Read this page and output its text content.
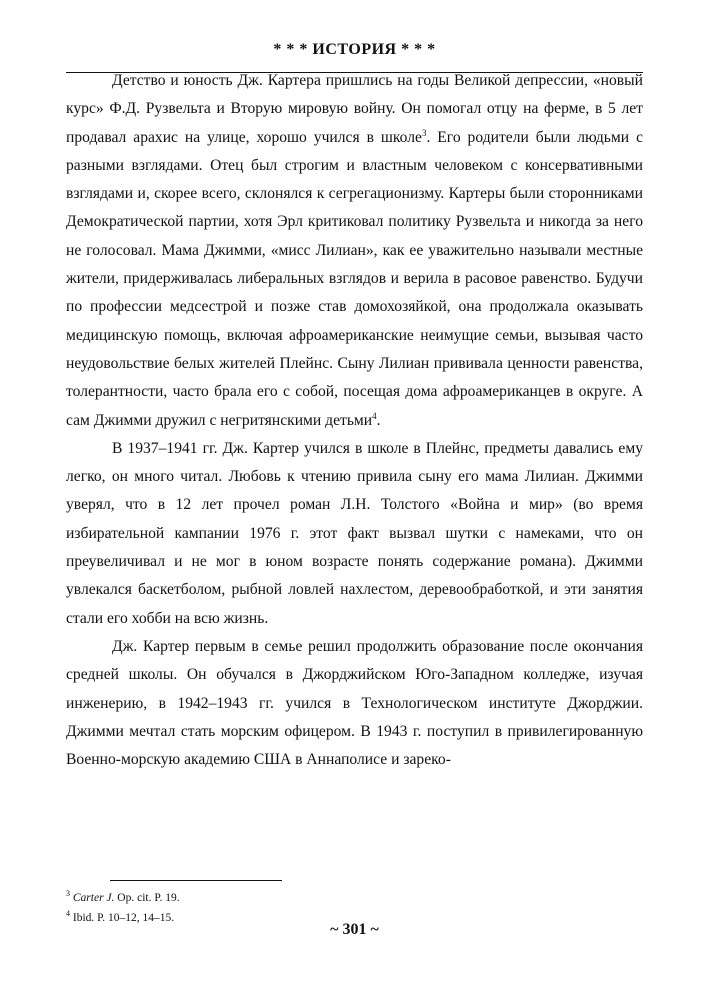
* * * ИСТОРИЯ * * *

Детство и юность Дж. Картера пришлись на годы Великой депрессии, «новый курс» Ф.Д. Рузвельта и Вторую мировую войну. Он помогал отцу на ферме, в 5 лет продавал арахис на улице, хорошо учился в школе$^3$. Его родители были людьми с разными взглядами. Отец был строгим и властным человеком с консервативными взглядами и, скорее всего, склонялся к сегрегационизму. Картеры были сторонниками Демократической партии, хотя Эрл критиковал политику Рузвельта и никогда за него не голосовал. Мама Джимми, «мисс Лилиан», как ее уважительно называли местные жители, придерживалась либеральных взглядов и верила в расовое равенство. Будучи по профессии медсестрой и позже став домохозяйкой, она продолжала оказывать медицинскую помощь, включая афроамериканские неимущие семьи, вызывая часто неудовольствие белых жителей Плейнс. Сыну Лилиан прививала ценности равенства, толерантности, часто брала его с собой, посещая дома афроамериканцев в округе. А сам Джимми дружил с негритянскими детьми$^4$.

В 1937–1941 гг. Дж. Картер учился в школе в Плейнс, предметы давались ему легко, он много читал. Любовь к чтению привила сыну его мама Лилиан. Джимми уверял, что в 12 лет прочел роман Л.Н. Толстого «Война и мир» (во время избирательной кампании 1976 г. этот факт вызвал шутки с намеками, что он преувеличивал и не мог в юном возрасте понять содержание романа). Джимми увлекался баскетболом, рыбной ловлей нахлестом, деревообработкой, и эти занятия стали его хобби на всю жизнь.

Дж. Картер первым в семье решил продолжить образование после окончания средней школы. Он обучался в Джорджийском Юго-Западном колледже, изучая инженерию, в 1942–1943 гг. учился в Технологическом институте Джорджии. Джимми мечтал стать морским офицером. В 1943 г. поступил в привилегированную Военно-морскую академию США в Аннаполисе и зареко-

$^3$ Carter J. Op. cit. P. 19.
$^4$ Ibid. P. 10–12, 14–15.
~ 301 ~
